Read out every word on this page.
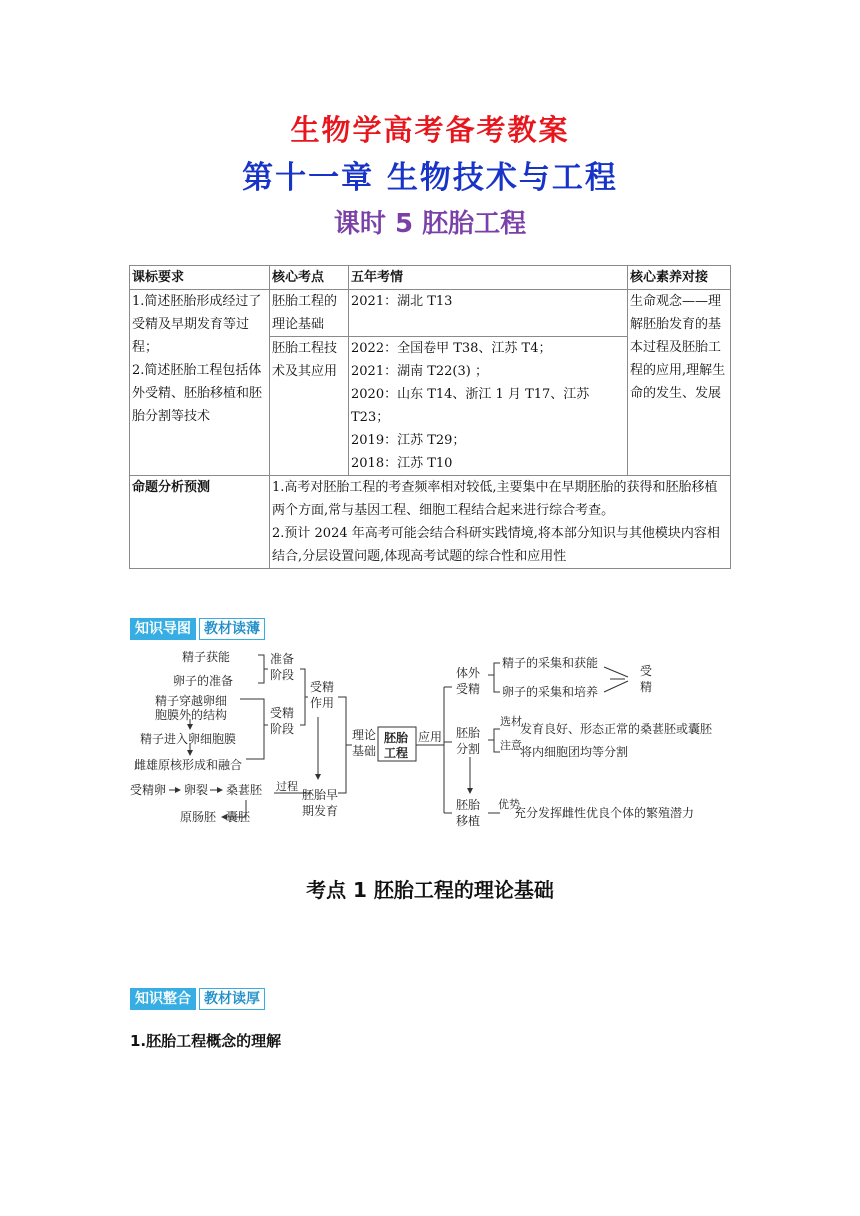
生物学高考备考教案
第十一章 生物技术与工程
课时 5 胚胎工程
课标要求	核心考点	五年考情	核心素养对接

1.简述胚胎形成经过了受精及早期发育等过程；
2.简述胚胎工程包括体外受精、胚胎移植和胚胎分割等技术	胚胎工程的理论基础	2021：湖北 T13	生命观念——理解胚胎发育的基本过程及胚胎工程的应用,理解生命的发生、发展
	胚胎工程技术及其应用	2022：全国卷甲 T38、江苏 T4；
2021：湖南 T22(3) ；
2020：山东 T14、浙江 1 月 T17、江苏 T23；
2019：江苏 T29；
2018：江苏 T10	

命题分析预测	1.高考对胚胎工程的考查频率相对较低,主要集中在早期胚胎的获得和胚胎移植两个方面,常与基因工程、细胞工程结合起来进行综合考查。
2.预计 2024 年高考可能会结合科研实践情境,将本部分知识与其他模块内容相结合,分层设置问题,体现高考试题的综合性和应用性		
知识导图 教材读薄
精子获能
卵子的准备
准备
阶段
精子穿越卵细
胞膜外的结构
精子进入卵细胞膜
雌雄原核形成和融合
受精
阶段
受精
作用
受精卵 卵裂 桑葚胚 过程
原肠胚 囊胚
胚胎早
期发育
理论
基础
胚胎
工程
应用
体外
受精
精子的采集和获能
卵子的采集和培养
受
精
胚胎
分割
选材
发育良好、形态正常的桑葚胚或囊胚
注意
将内细胞团均等分割
胚胎
移植
优势
充分发挥雌性优良个体的繁殖潜力
考点 1 胚胎工程的理论基础
知识整合 教材读厚
1.胚胎工程概念的理解
